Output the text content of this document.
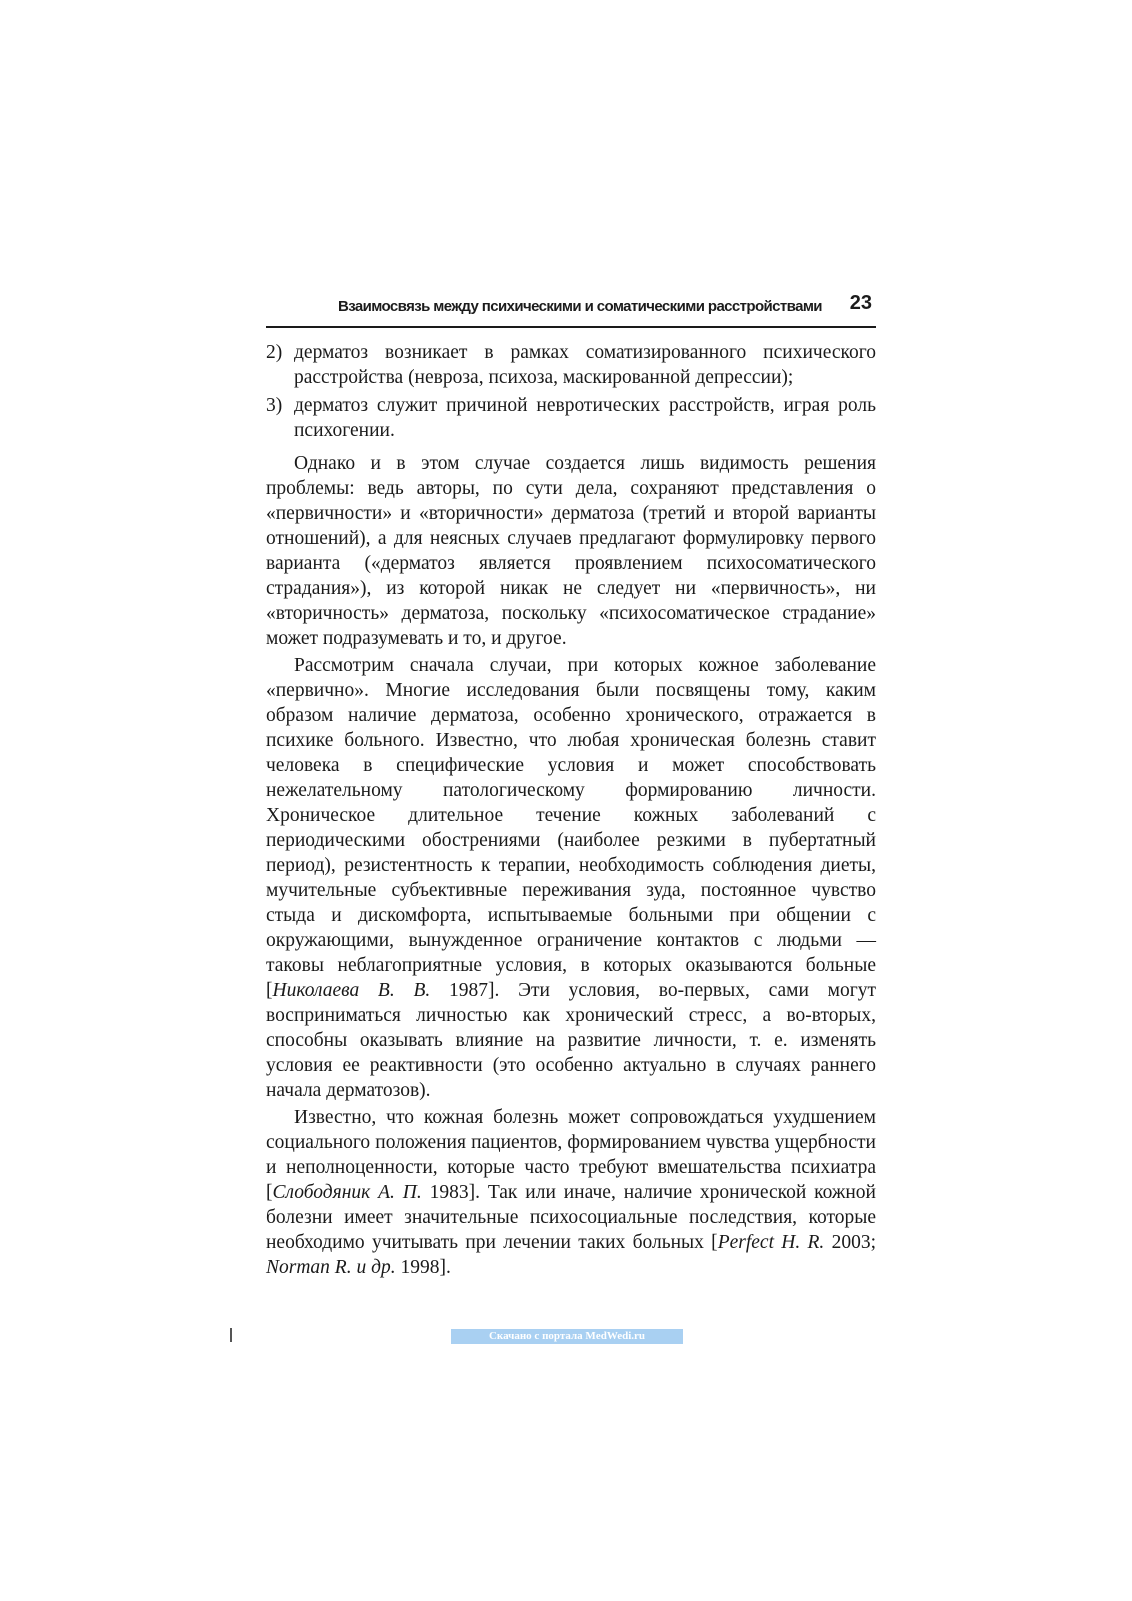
Взаимосвязь между психическими и соматическими расстройствами 23
2) дерматоз возникает в рамках соматизированного психического расстройства (невроза, психоза, маскированной депрессии);
3) дерматоз служит причиной невротических расстройств, играя роль психогении.

Однако и в этом случае создается лишь видимость решения проблемы: ведь авторы, по сути дела, сохраняют представления о «первичности» и «вторичности» дерматоза (третий и второй варианты отношений), а для неясных случаев предлагают формулировку первого варианта («дерматоз является проявлением психосоматического страдания»), из которой никак не следует ни «первичность», ни «вторичность» дерматоза, поскольку «психосоматическое страдание» может подразумевать и то, и другое.

Рассмотрим сначала случаи, при которых кожное заболевание «первично». Многие исследования были посвящены тому, каким образом наличие дерматоза, особенно хронического, отражается в психике больного. Известно, что любая хроническая болезнь ставит человека в специфические условия и может способствовать нежелательному патологическому формированию личности. Хроническое длительное течение кожных заболеваний с периодическими обострениями (наиболее резкими в пубертатный период), резистентность к терапии, необходимость соблюдения диеты, мучительные субъективные переживания зуда, постоянное чувство стыда и дискомфорта, испытываемые больными при общении с окружающими, вынужденное ограничение контактов с людьми — таковы неблагоприятные условия, в которых оказываются больные [Николаева В. В. 1987]. Эти условия, во-первых, сами могут восприниматься личностью как хронический стресс, а во-вторых, способны оказывать влияние на развитие личности, т. е. изменять условия ее реактивности (это особенно актуально в случаях раннего начала дерматозов).

Известно, что кожная болезнь может сопровождаться ухудшением социального положения пациентов, формированием чувства ущербности и неполноценности, которые часто требуют вмешательства психиатра [Слободяник А. П. 1983]. Так или иначе, наличие хронической кожной болезни имеет значительные психосоциальные последствия, которые необходимо учитывать при лечении таких больных [Perfect H. R. 2003; Norman R. и др. 1998].

Скачано с портала MedWedi.ru
